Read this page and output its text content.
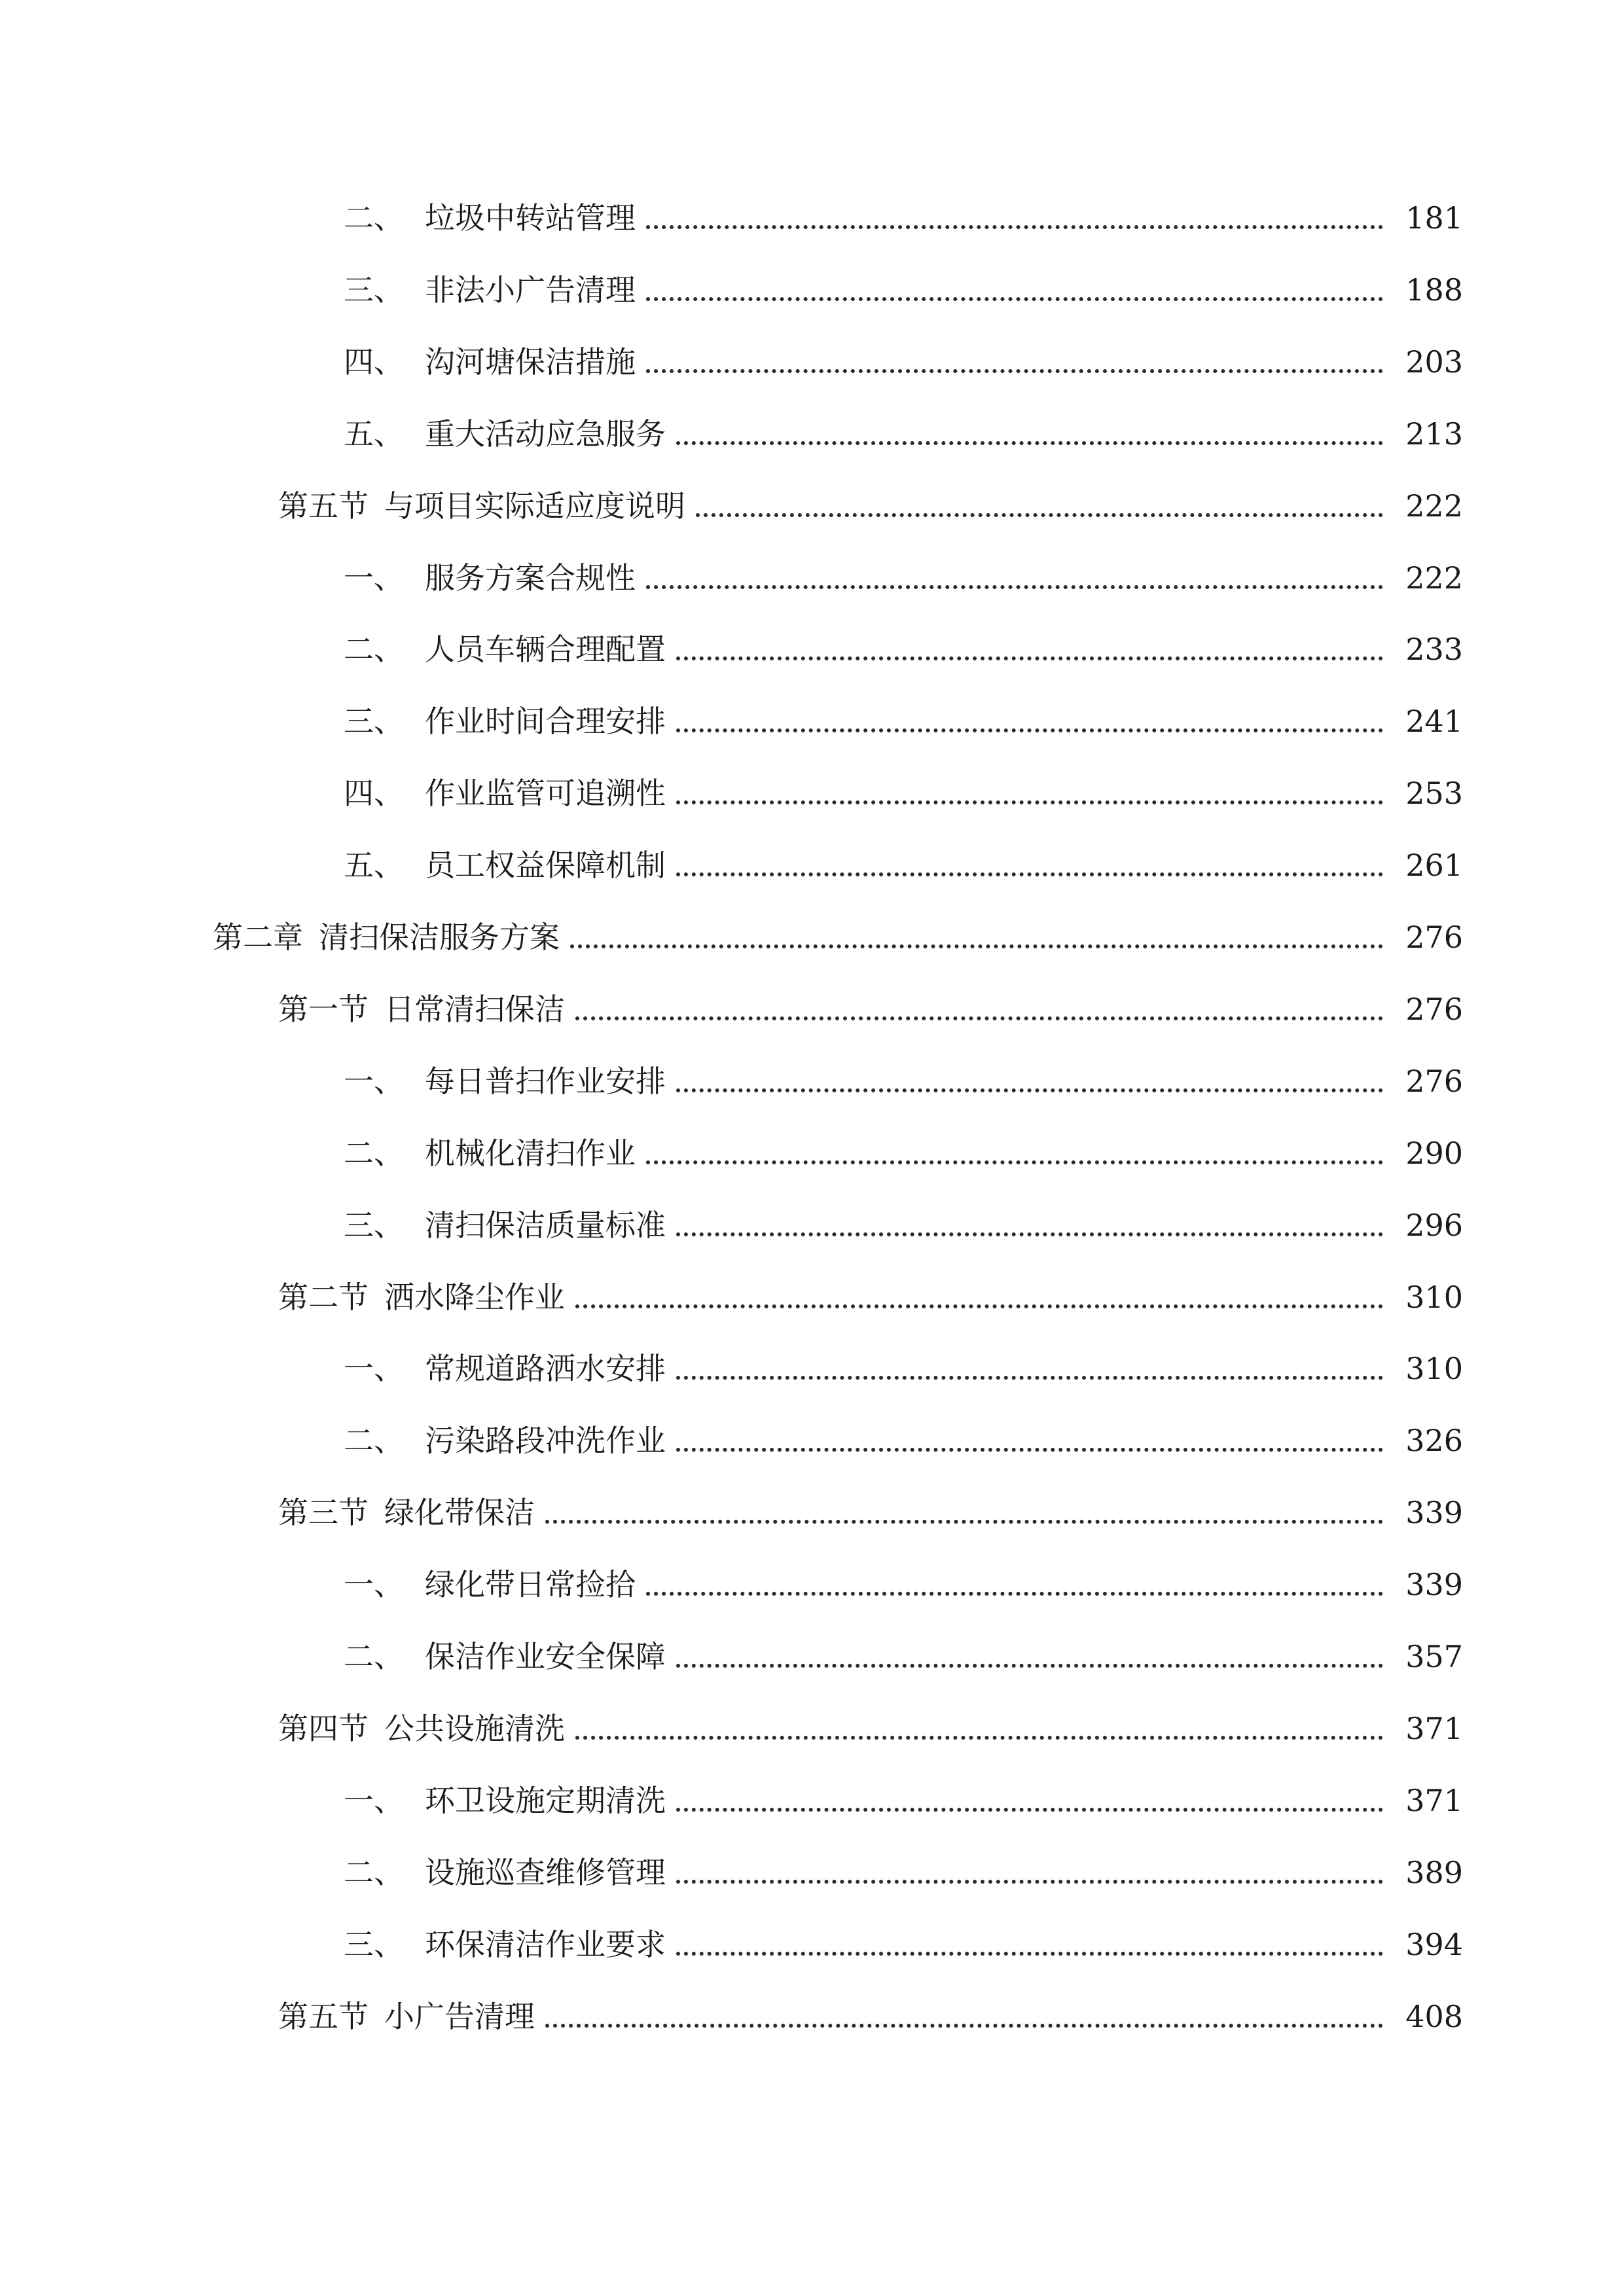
二、 垃圾中转站管理	181
三、 非法小广告清理	188
四、 沟河塘保洁措施	203
五、 重大活动应急服务	213
第五节 与项目实际适应度说明	222
一、 服务方案合规性	222
二、 人员车辆合理配置	233
三、 作业时间合理安排	241
四、 作业监管可追溯性	253
五、 员工权益保障机制	261
第二章 清扫保洁服务方案	276
第一节 日常清扫保洁	276
一、 每日普扫作业安排	276
二、 机械化清扫作业	290
三、 清扫保洁质量标准	296
第二节 洒水降尘作业	310
一、 常规道路洒水安排	310
二、 污染路段冲洗作业	326
第三节 绿化带保洁	339
一、 绿化带日常捡拾	339
二、 保洁作业安全保障	357
第四节 公共设施清洗	371
一、 环卫设施定期清洗	371
二、 设施巡查维修管理	389
三、 环保清洁作业要求	394
第五节 小广告清理	408
